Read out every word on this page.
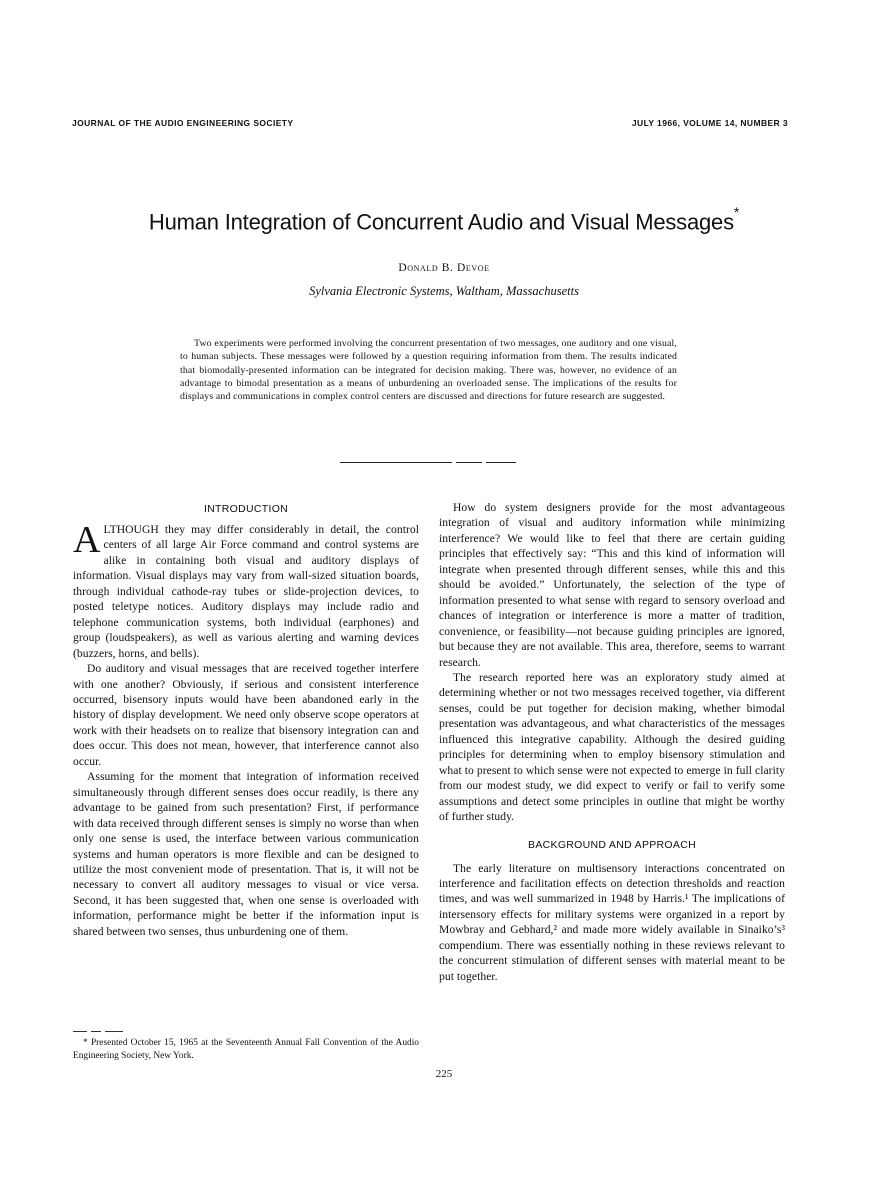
JOURNAL OF THE AUDIO ENGINEERING SOCIETY	JULY 1966, VOLUME 14, NUMBER 3
Human Integration of Concurrent Audio and Visual Messages*
Donald B. Devoe
Sylvania Electronic Systems, Waltham, Massachusetts
Two experiments were performed involving the concurrent presentation of two messages, one auditory and one visual, to human subjects. These messages were followed by a question requiring information from them. The results indicated that biomodally-presented information can be integrated for decision making. There was, however, no evidence of an advantage to bimodal presentation as a means of unburdening an overloaded sense. The implications of the results for displays and communications in complex control centers are discussed and directions for future research are suggested.
INTRODUCTION

ALTHOUGH they may differ considerably in detail, the control centers of all large Air Force command and control systems are alike in containing both visual and auditory displays of information. Visual displays may vary from wall-sized situation boards, through individual cathode-ray tubes or slide-projection devices, to posted teletype notices. Auditory displays may include radio and telephone communication systems, both individual (earphones) and group (loudspeakers), as well as various alerting and warning devices (buzzers, horns, and bells).

Do auditory and visual messages that are received together interfere with one another? Obviously, if serious and consistent interference occurred, bisensory inputs would have been abandoned early in the history of display development. We need only observe scope operators at work with their headsets on to realize that bisensory integration can and does occur. This does not mean, however, that interference cannot also occur.

Assuming for the moment that integration of information received simultaneously through different senses does occur readily, is there any advantage to be gained from such presentation? First, if performance with data received through different senses is simply no worse than when only one sense is used, the interface between various communication systems and human operators is more flexible and can be designed to utilize the most convenient mode of presentation. That is, it will not be necessary to convert all auditory messages to visual or vice versa. Second, it has been suggested that, when one sense is overloaded with information, performance might be better if the information input is shared between two senses, thus unburdening one of them.

How do system designers provide for the most advantageous integration of visual and auditory information while minimizing interference? We would like to feel that there are certain guiding principles that effectively say: “This and this kind of information will integrate when presented through different senses, while this and this should be avoided.” Unfortunately, the selection of the type of information presented to what sense with regard to sensory overload and chances of integration or interference is more a matter of tradition, convenience, or feasibility—not because guiding principles are ignored, but because they are not available. This area, therefore, seems to warrant research.

The research reported here was an exploratory study aimed at determining whether or not two messages received together, via different senses, could be put together for decision making, whether bimodal presentation was advantageous, and what characteristics of the messages influenced this integrative capability. Although the desired guiding principles for determining when to employ bisensory stimulation and what to present to which sense were not expected to emerge in full clarity from our modest study, we did expect to verify or fail to verify some assumptions and detect some principles in outline that might be worthy of further study.

BACKGROUND AND APPROACH

The early literature on multisensory interactions concentrated on interference and facilitation effects on detection thresholds and reaction times, and was well summarized in 1948 by Harris.¹ The implications of intersensory effects for military systems were organized in a report by Mowbray and Gebhard,² and made more widely available in Sinaiko’s³ compendium. There was essentially nothing in these reviews relevant to the concurrent stimulation of different senses with material meant to be put together.

* Presented October 15, 1965 at the Seventeenth Annual Fall Convention of the Audio Engineering Society, New York.
225
